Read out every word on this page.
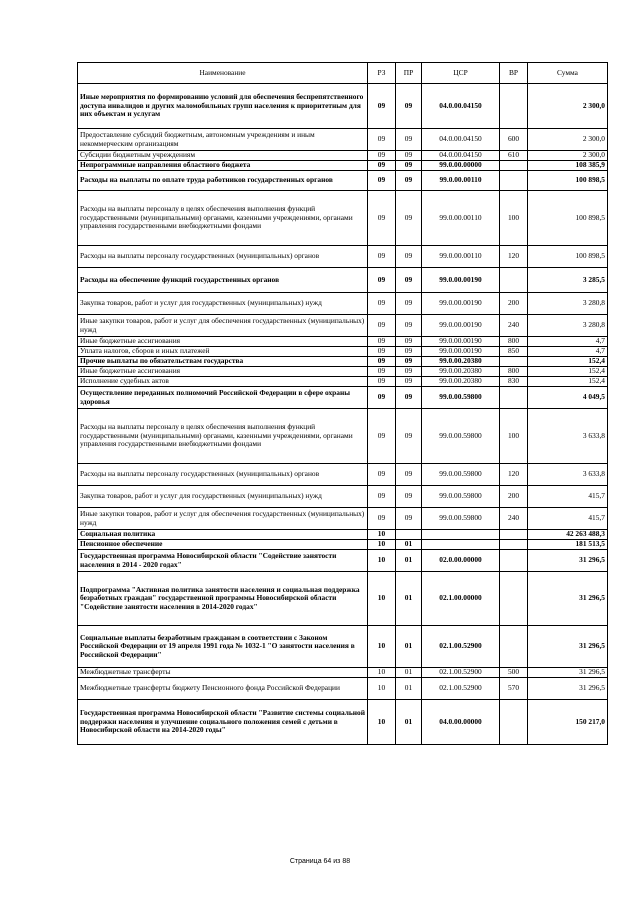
Наименование	РЗ	ПР	ЦСР	ВР	Сумма
Иные мероприятия по формированию условий для обеспечения беспрепятственного доступа инвалидов и других маломобильных групп населения к приоритетным для них объектам и услугам	09	09	04.0.00.04150		2 300,0
Предоставление субсидий бюджетным, автономным учреждениям и иным некоммерческим организациям	09	09	04.0.00.04150	600	2 300,0
Субсидии бюджетным учреждениям	09	09	04.0.00.04150	610	2 300,0
Непрограммные направления областного бюджета	09	09	99.0.00.00000		108 385,9
Расходы на выплаты по оплате труда работников государственных органов	09	09	99.0.00.00110		100 898,5
Расходы на выплаты персоналу в целях обеспечения выполнения функций государственными (муниципальными) органами, казенными учреждениями, органами управления государственными внебюджетными фондами	09	09	99.0.00.00110	100	100 898,5
Расходы на выплаты персоналу государственных (муниципальных) органов	09	09	99.0.00.00110	120	100 898,5
Расходы на обеспечение функций государственных органов	09	09	99.0.00.00190		3 285,5
Закупка товаров, работ и услуг для государственных (муниципальных) нужд	09	09	99.0.00.00190	200	3 280,8
Иные закупки товаров, работ и услуг для обеспечения государственных (муниципальных) нужд	09	09	99.0.00.00190	240	3 280,8
Иные бюджетные ассигнования	09	09	99.0.00.00190	800	4,7
Уплата налогов, сборов и иных платежей	09	09	99.0.00.00190	850	4,7
Прочие выплаты по обязательствам государства	09	09	99.0.00.20380		152,4
Иные бюджетные ассигнования	09	09	99.0.00.20380	800	152,4
Исполнение судебных актов	09	09	99.0.00.20380	830	152,4
Осуществление переданных полномочий Российской Федерации в сфере охраны здоровья	09	09	99.0.00.59800		4 049,5
Расходы на выплаты персоналу в целях обеспечения выполнения функций государственными (муниципальными) органами, казенными учреждениями, органами управления государственными внебюджетными фондами	09	09	99.0.00.59800	100	3 633,8
Расходы на выплаты персоналу государственных (муниципальных) органов	09	09	99.0.00.59800	120	3 633,8
Закупка товаров, работ и услуг для государственных (муниципальных) нужд	09	09	99.0.00.59800	200	415,7
Иные закупки товаров, работ и услуг для обеспечения государственных (муниципальных) нужд	09	09	99.0.00.59800	240	415,7
Социальная политика	10				42 263 488,3
Пенсионное обеспечение	10	01			181 513,5
Государственная программа Новосибирской области "Содействие занятости населения в 2014 - 2020 годах"	10	01	02.0.00.00000		31 296,5
Подпрограмма "Активная политика занятости населения и социальная поддержка безработных граждан" государственной программы Новосибирской области "Содействие занятости населения в 2014-2020 годах"	10	01	02.1.00.00000		31 296,5
Социальные выплаты безработным гражданам в соответствии с Законом Российской Федерации от 19 апреля 1991 года № 1032-1 "О занятости населения в Российской Федерации"	10	01	02.1.00.52900		31 296,5
Межбюджетные трансферты	10	01	02.1.00.52900	500	31 296,5
Межбюджетные трансферты бюджету Пенсионного фонда Российской Федерации	10	01	02.1.00.52900	570	31 296,5
Государственная программа Новосибирской области "Развитие системы социальной поддержки населения и улучшение социального положения семей с детьми в Новосибирской области на 2014-2020 годы"	10	01	04.0.00.00000		150 217,0
Страница 64 из 88
